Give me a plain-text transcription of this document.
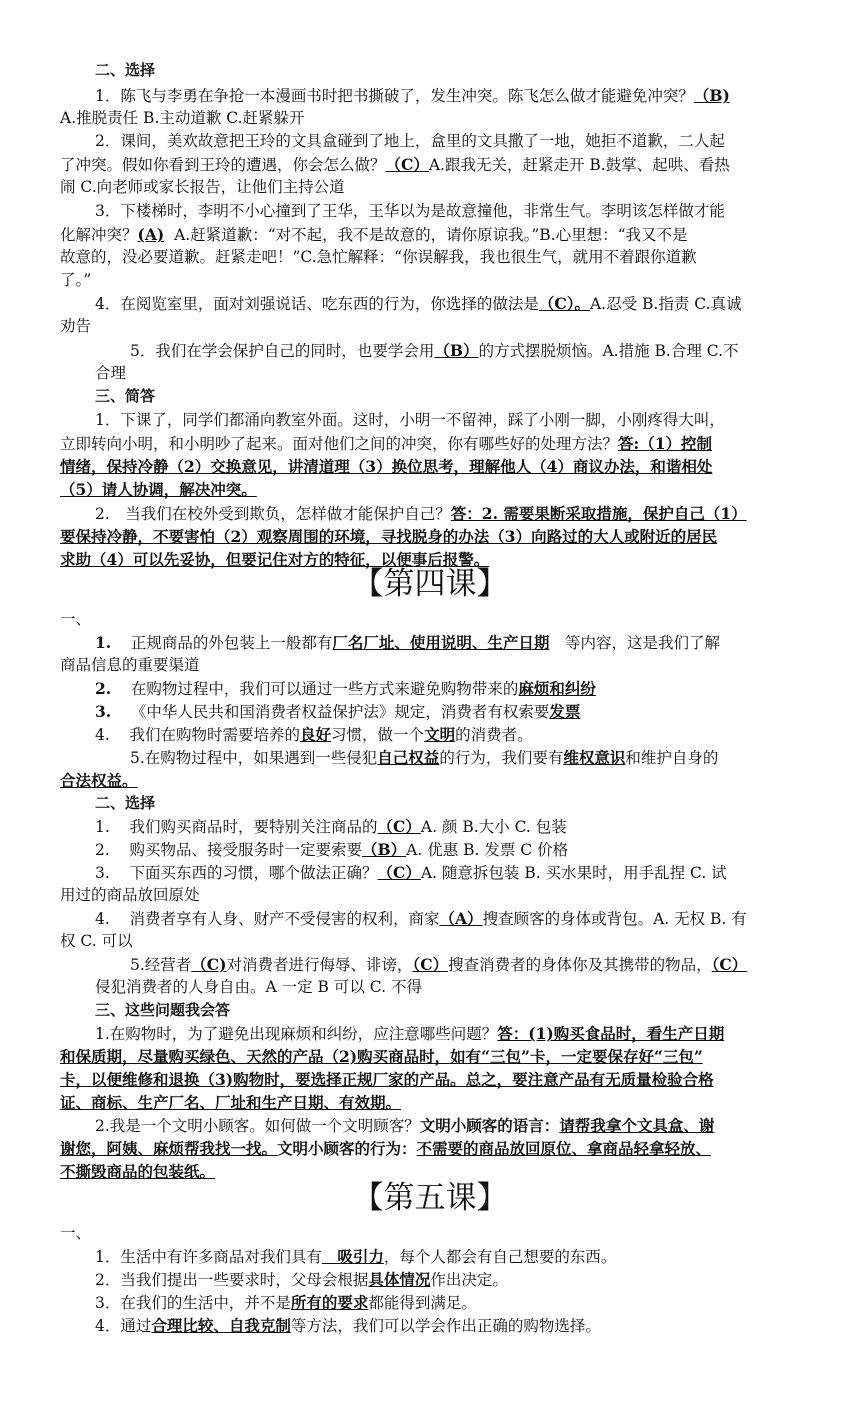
二、选择
1．陈飞与李勇在争抢一本漫画书时把书撕破了，发生冲突。陈飞怎么做才能避免冲突？（B)
A.推脱责任 B.主动道歉 C.赶紧躲开
2．课间，美欢故意把王玲的文具盒碰到了地上，盒里的文具撒了一地，她拒不道歉，二人起
了冲突。假如你看到王玲的遭遇，你会怎么做？（C）A.跟我无关，赶紧走开 B.鼓掌、起哄、看热
闹 C.向老师或家长报告，让他们主持公道
3．下楼梯时，李明不小心撞到了王华，王华以为是故意撞他，非常生气。李明该怎样做才能
化解冲突？(A) A.赶紧道歉：“对不起，我不是故意的，请你原谅我。”B.心里想：“我又不是
故意的，没必要道歉。赶紧走吧！”C.急忙解释：“你误解我，我也很生气，就用不着跟你道歉
了。”
4．在阅览室里，面对刘强说话、吃东西的行为，你选择的做法是（C）。A.忍受 B.指责 C.真诚
劝告
5．我们在学会保护自己的同时，也要学会用（B）的方式摆脱烦恼。A.措施 B.合理 C.不
合理
三、简答
1．下课了，同学们都涌向教室外面。这时，小明一不留神，踩了小刚一脚，小刚疼得大叫，
立即转向小明，和小明吵了起来。面对他们之间的冲突，你有哪些好的处理方法？答:（1）控制
情绪，保持冷静（2）交换意见，讲清道理（3）换位思考，理解他人（4）商议办法，和谐相处
（5）请人协调，解决冲突。
2.　当我们在校外受到欺负，怎样做才能保护自己？答：2. 需要果断采取措施，保护自己（1）
要保持冷静，不要害怕（2）观察周围的环境，寻找脱身的办法（3）向路过的大人或附近的居民
求助（4）可以先妥协，但要记住对方的特征，以便事后报警。
【第四课】
一、
1. 正规商品的外包装上一般都有厂名厂址、使用说明、生产日期　等内容，这是我们了解
商品信息的重要渠道
2. 在购物过程中，我们可以通过一些方式来避免购物带来的麻烦和纠纷
3. 《中华人民共和国消费者权益保护法》规定，消费者有权索要发票
4. 我们在购物时需要培养的良好习惯，做一个文明的消费者。
5.在购物过程中，如果遇到一些侵犯自己权益的行为，我们要有维权意识和维护自身的
合法权益。
二、选择
1. 我们购买商品时，要特别关注商品的（C）A. 颜 B.大小 C. 包装
2. 购买物品、接受服务时一定要索要（B）A. 优惠 B. 发票 C 价格
3. 下面买东西的习惯，哪个做法正确？（C）A. 随意拆包装 B. 买水果时，用手乱捏 C. 试
用过的商品放回原处
4. 消费者享有人身、财产不受侵害的权利，商家（A）搜查顾客的身体或背包。A. 无权 B. 有
权 C. 可以
5.经营者（C)对消费者进行侮辱、诽谤，（C）搜查消费者的身体你及其携带的物品，（C）
侵犯消费者的人身自由。A 一定 B 可以 C. 不得
三、这些问题我会答
1.在购物时，为了避免出现麻烦和纠纷，应注意哪些问题？答：(1)购买食品时，看生产日期
和保质期，尽量购买绿色、天然的产品（2)购买商品时，如有“三包”卡，一定要保存好“三包”
卡，以便维修和退换（3)购物时，要选择正规厂家的产品。总之，要注意产品有无质量检验合格
证、商标、生产厂名、厂址和生产日期、有效期。
2.我是一个文明小顾客。如何做一个文明顾客？文明小顾客的语言：请帮我拿个文具盒、谢
谢您，阿姨、麻烦帮我找一找。文明小顾客的行为：不需要的商品放回原位、拿商品轻拿轻放、
不撕毁商品的包装纸。
【第五课】
一、
1．生活中有许多商品对我们具有　吸引力，每个人都会有自己想要的东西。
2．当我们提出一些要求时，父母会根据具体情况作出决定。
3．在我们的生活中，并不是所有的要求都能得到满足。
4．通过合理比较、自我克制等方法，我们可以学会作出正确的购物选择。
